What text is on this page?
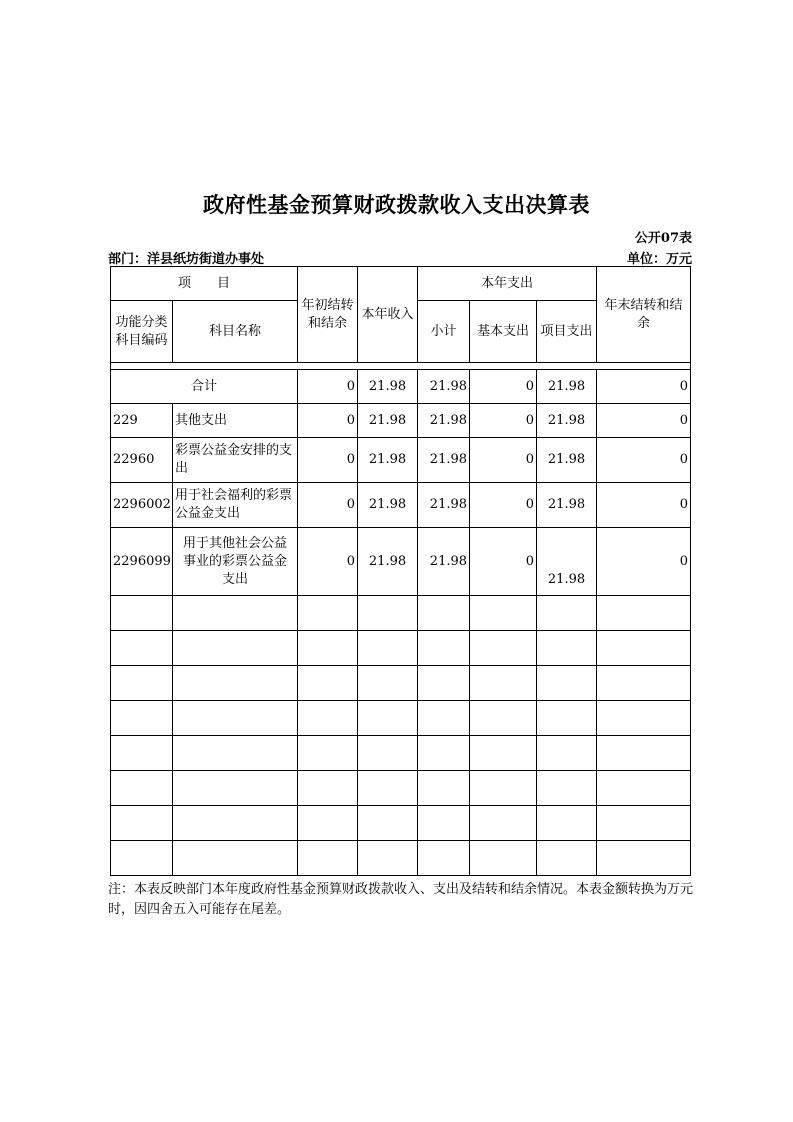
政府性基金预算财政拨款收入支出决算表
公开07表
部门：洋县纸坊街道办事处	单位：万元
项　　目		年初结转和结余	本年收入	本年支出			年末结转和结余
功能分类科目编码	科目名称			小计	基本支出	项目支出	

合计		0	21.98	21.98	0	21.98	0
229	其他支出	0	21.98	21.98	0	21.98	0
22960	彩票公益金安排的支出	0	21.98	21.98	0	21.98	0
2296002	用于社会福利的彩票公益金支出	0	21.98	21.98	0	21.98	0
2296099	用于其他社会公益事业的彩票公益金支出	0	21.98	21.98	0	21.98	0

注：本表反映部门本年度政府性基金预算财政拨款收入、支出及结转和结余情况。本表金额转换为万元时，因四舍五入可能存在尾差。
